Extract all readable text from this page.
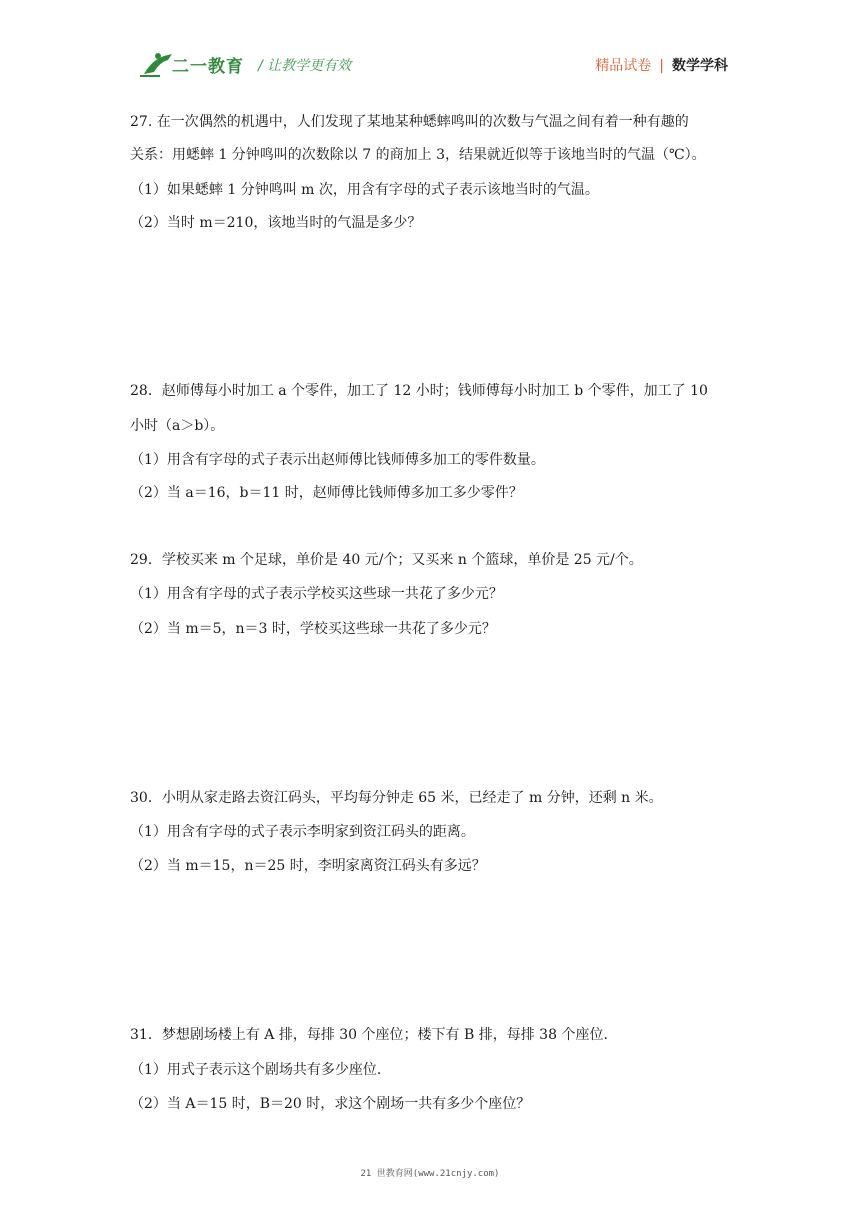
二一教育 / 让教学更有效	精品试卷 | 数学学科
27. 在一次偶然的机遇中，人们发现了某地某种蟋蟀鸣叫的次数与气温之间有着一种有趣的
关系：用蟋蟀 1 分钟鸣叫的次数除以 7 的商加上 3，结果就近似等于该地当时的气温（℃）。
（1）如果蟋蟀 1 分钟鸣叫 m 次，用含有字母的式子表示该地当时的气温。
（2）当时 m＝210，该地当时的气温是多少？
28．赵师傅每小时加工 a 个零件，加工了 12 小时；钱师傅每小时加工 b 个零件，加工了 10
小时（a＞b）。
（1）用含有字母的式子表示出赵师傅比钱师傅多加工的零件数量。
（2）当 a＝16，b＝11 时，赵师傅比钱师傅多加工多少零件？
29．学校买来 m 个足球，单价是 40 元/个；又买来 n 个篮球，单价是 25 元/个。
（1）用含有字母的式子表示学校买这些球一共花了多少元？
（2）当 m＝5，n＝3 时，学校买这些球一共花了多少元？
30．小明从家走路去资江码头，平均每分钟走 65 米，已经走了 m 分钟，还剩 n 米。
（1）用含有字母的式子表示李明家到资江码头的距离。
（2）当 m＝15，n＝25 时，李明家离资江码头有多远？
31．梦想剧场楼上有 A 排，每排 30 个座位；楼下有 B 排，每排 38 个座位．
（1）用式子表示这个剧场共有多少座位．
（2）当 A＝15 时，B＝20 时，求这个剧场一共有多少个座位？
21 世教育网(www.21cnjy.com)
